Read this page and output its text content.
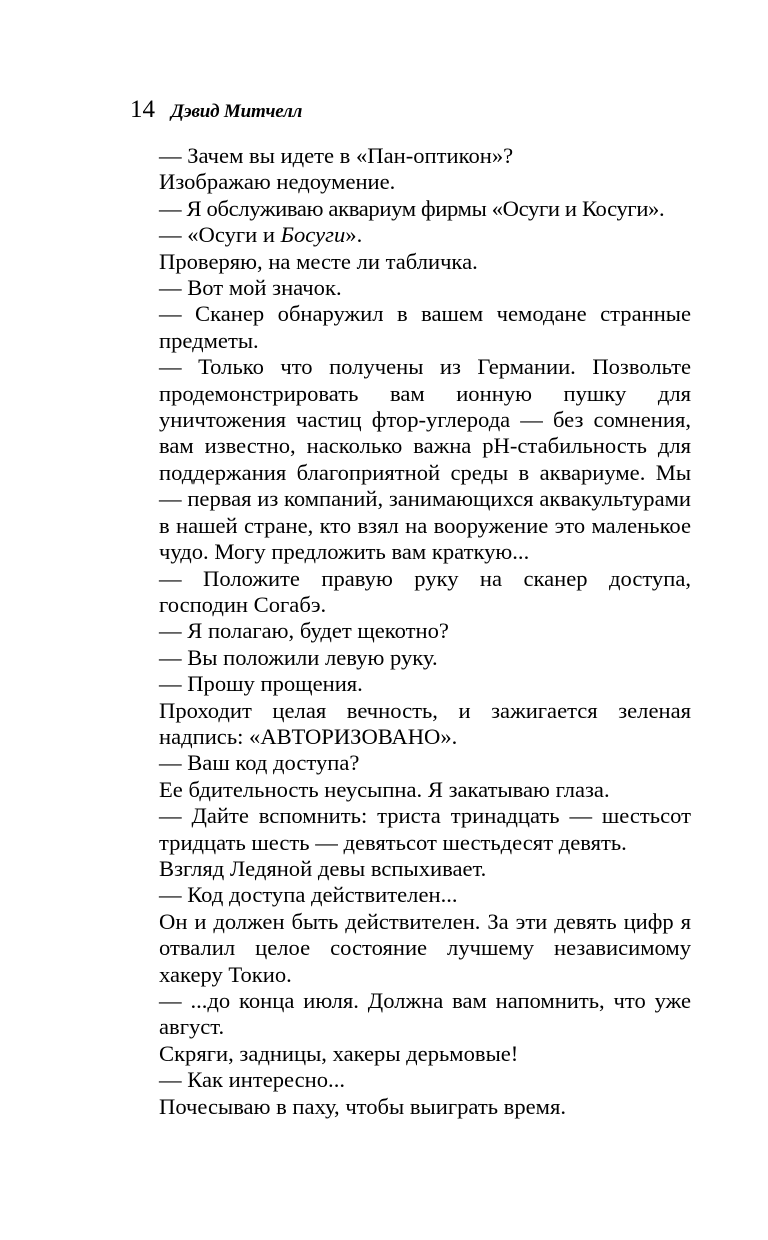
14 Дэвид Митчелл

— Зачем вы идете в «Пан-оптикон»?

Изображаю недоумение.

— Я обслуживаю аквариум фирмы «Осуги и Косуги».

— «Осуги и Босуги».

Проверяю, на месте ли табличка.

— Вот мой значок.

— Сканер обнаружил в вашем чемодане странные предметы.

— Только что получены из Германии. Позвольте продемонстрировать вам ионную пушку для уничтожения частиц фтор-углерода — без сомнения, вам известно, насколько важна pH-стабильность для поддержания благоприятной среды в аквариуме. Мы — первая из компаний, занимающихся аквакультурами в нашей стране, кто взял на вооружение это маленькое чудо. Могу предложить вам краткую...

— Положите правую руку на сканер доступа, господин Согабэ.

— Я полагаю, будет щекотно?

— Вы положили левую руку.

— Прошу прощения.

Проходит целая вечность, и зажигается зеленая надпись: «АВТОРИЗОВАНО».

— Ваш код доступа?

Ее бдительность неусыпна. Я закатываю глаза.

— Дайте вспомнить: триста тринадцать — шестьсот тридцать шесть — девятьсот шестьдесят девять.

Взгляд Ледяной девы вспыхивает.

— Код доступа действителен...

Он и должен быть действителен. За эти девять цифр я отвалил целое состояние лучшему независимому хакеру Токио.

— ...до конца июля. Должна вам напомнить, что уже август.

Скряги, задницы, хакеры дерьмовые!

— Как интересно...

Почесываю в паху, чтобы выиграть время.
